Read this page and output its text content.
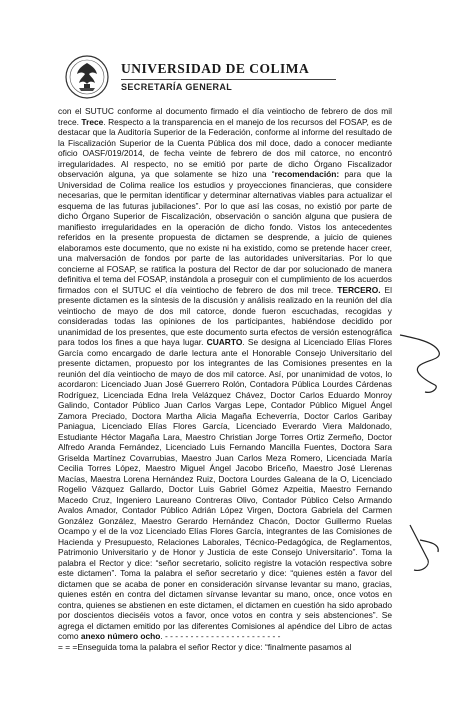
UNIVERSIDAD DE COLIMA
SECRETARÍA GENERAL

con el SUTUC conforme al documento firmado el día veintiocho de febrero de dos mil trece. Trece. Respecto a la transparencia en el manejo de los recursos del FOSAP, es de destacar que la Auditoría Superior de la Federación, conforme al informe del resultado de la Fiscalización Superior de la Cuenta Pública dos mil doce, dado a conocer mediante oficio OASF/019/2014, de fecha veinte de febrero de dos mil catorce, no encontró irregularidades. Al respecto, no se emitió por parte de dicho Órgano Fiscalizador observación alguna, ya que solamente se hizo una “recomendación: para que la Universidad de Colima realice los estudios y proyecciones financieras, que considere necesarias, que le permitan identificar y determinar alternativas viables para actualizar el esquema de las futuras jubilaciones”. Por lo que así las cosas, no existió por parte de dicho Órgano Superior de Fiscalización, observación o sanción alguna que pusiera de manifiesto irregularidades en la operación de dicho fondo. Vistos los antecedentes referidos en la presente propuesta de dictamen se desprende, a juicio de quienes elaboramos este documento, que no existe ni ha existido, como se pretende hacer creer, una malversación de fondos por parte de las autoridades universitarias. Por lo que concierne al FOSAP, se ratifica la postura del Rector de dar por solucionado de manera definitiva el tema del FOSAP, instándola a proseguir con el cumplimiento de los acuerdos firmados con el SUTUC el día veintiocho de febrero de dos mil trece. TERCERO. El presente dictamen es la síntesis de la discusión y análisis realizado en la reunión del día veintiocho de mayo de dos mil catorce, donde fueron escuchadas, recogidas y consideradas todas las opiniones de los participantes, habiéndose decidido por unanimidad de los presentes, que este documento surta efectos de versión estenográfica para todos los fines a que haya lugar. CUARTO. Se designa al Licenciado Elías Flores García como encargado de darle lectura ante el Honorable Consejo Universitario del presente dictamen, propuesto por los integrantes de las Comisiones presentes en la reunión del día veintiocho de mayo de dos mil catorce. Así, por unanimidad de votos, lo acordaron: Licenciado Juan José Guerrero Rolón, Contadora Pública Lourdes Cárdenas Rodríguez, Licenciada Edna Irela Velázquez Chávez, Doctor Carlos Eduardo Monroy Galindo, Contador Público Juan Carlos Vargas Lepe, Contador Público Miguel Ángel Zamora Preciado, Doctora Martha Alicia Magaña Echeverría, Doctor Carlos Garibay Paniagua, Licenciado Elías Flores García, Licenciado Everardo Viera Maldonado, Estudiante Héctor Magaña Lara, Maestro Christian Jorge Torres Ortiz Zermeño, Doctor Alfredo Aranda Fernández, Licenciado Luis Fernando Mancilla Fuentes, Doctora Sara Griselda Martínez Covarrubias, Maestro Juan Carlos Meza Romero, Licenciada María Cecilia Torres López, Maestro Miguel Ángel Jacobo Briceño, Maestro José Llerenas Macías, Maestra Lorena Hernández Ruiz, Doctora Lourdes Galeana de la O, Licenciado Rogelio Vázquez Gallardo, Doctor Luis Gabriel Gómez Azpeitia, Maestro Fernando Macedo Cruz, Ingeniero Laureano Contreras Olivo, Contador Público Celso Armando Avalos Amador, Contador Público Adrián López Virgen, Doctora Gabriela del Carmen González González, Maestro Gerardo Hernández Chacón, Doctor Guillermo Ruelas Ocampo y el de la voz Licenciado Elías Flores García, integrantes de las Comisiones de Hacienda y Presupuesto, Relaciones Laborales, Técnico-Pedagógica, de Reglamentos, Patrimonio Universitario y de Honor y Justicia de este Consejo Universitario”. Toma la palabra el Rector y dice: “señor secretario, solicito registre la votación respectiva sobre este dictamen”. Toma la palabra el señor secretario y dice: “quienes estén a favor del dictamen que se acaba de poner en consideración sírvanse levantar su mano, gracias, quienes estén en contra del dictamen sírvanse levantar su mano, once, once votos en contra, quienes se abstienen en este dictamen, el dictamen en cuestión ha sido aprobado por doscientos dieciséis votos a favor, once votos en contra y seis abstenciones”. Se agrega el dictamen emitido por las diferentes Comisiones al apéndice del Libro de actas como anexo número ocho. - - - - - - - - - - - - - - - - - - - - - - -

= = =Enseguida toma la palabra el señor Rector y dice: “finalmente pasamos al
